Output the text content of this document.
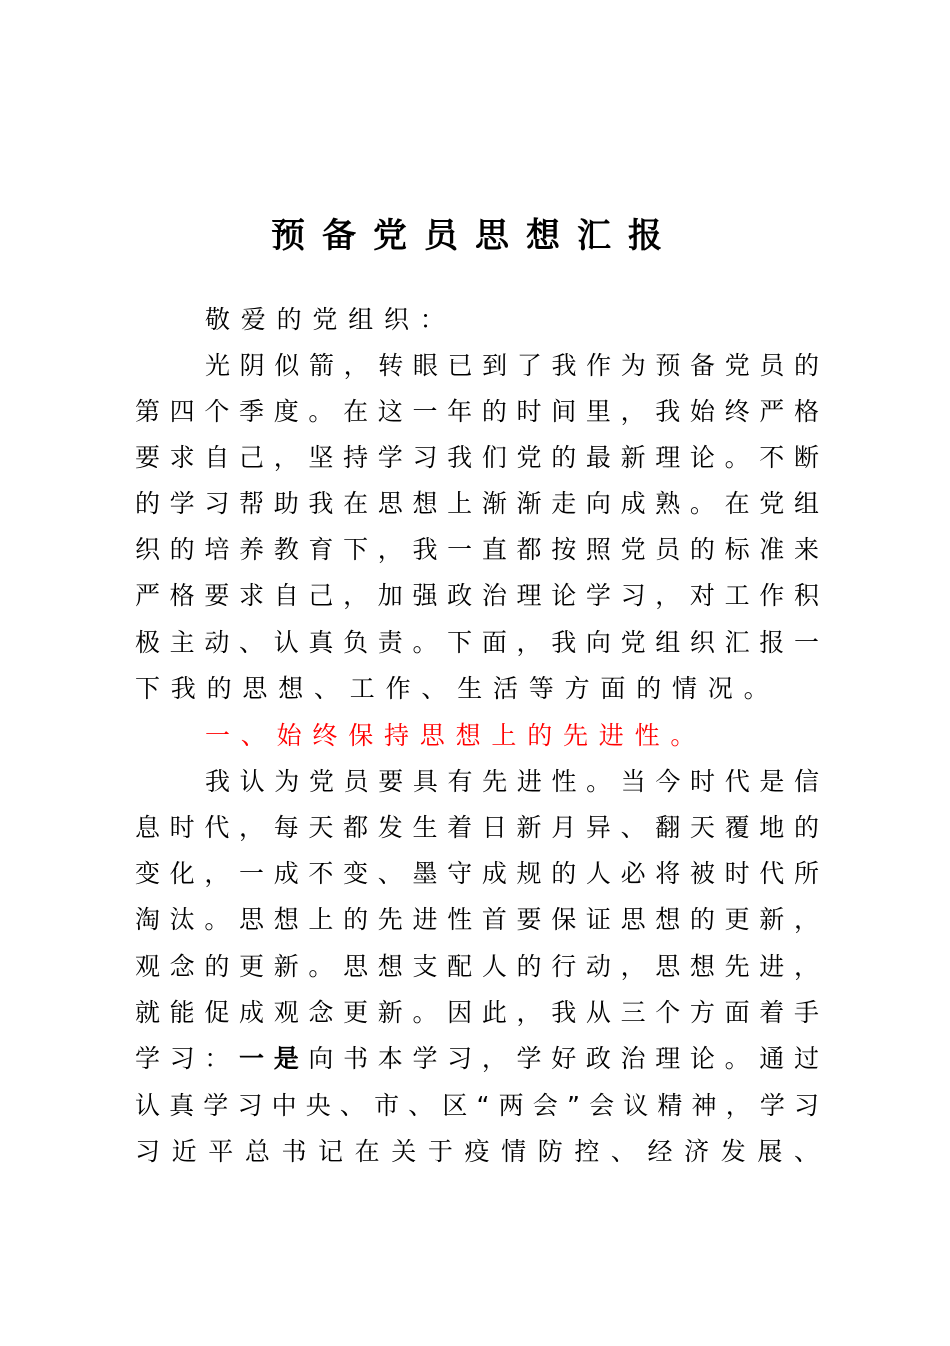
预备党员思想汇报

敬爱的党组织：

光阴似箭，转眼已到了我作为预备党员的

第四个季度。在这一年的时间里，我始终严格

要求自己，坚持学习我们党的最新理论。不断

的学习帮助我在思想上渐渐走向成熟。在党组

织的培养教育下，我一直都按照党员的标准来

严格要求自己，加强政治理论学习，对工作积

极主动、认真负责。下面，我向党组织汇报一

下我的思想、工作、生活等方面的情况。

一、始终保持思想上的先进性。

我认为党员要具有先进性。当今时代是信

息时代，每天都发生着日新月异、翻天覆地的

变化，一成不变、墨守成规的人必将被时代所

淘汰。思想上的先进性首要保证思想的更新，

观念的更新。思想支配人的行动，思想先进，

就能促成观念更新。因此，我从三个方面着手

学习：一是向书本学习，学好政治理论。通过

认真学习中央、市、区“两会”会议精神，学习

习近平总书记在关于疫情防控、经济发展、
